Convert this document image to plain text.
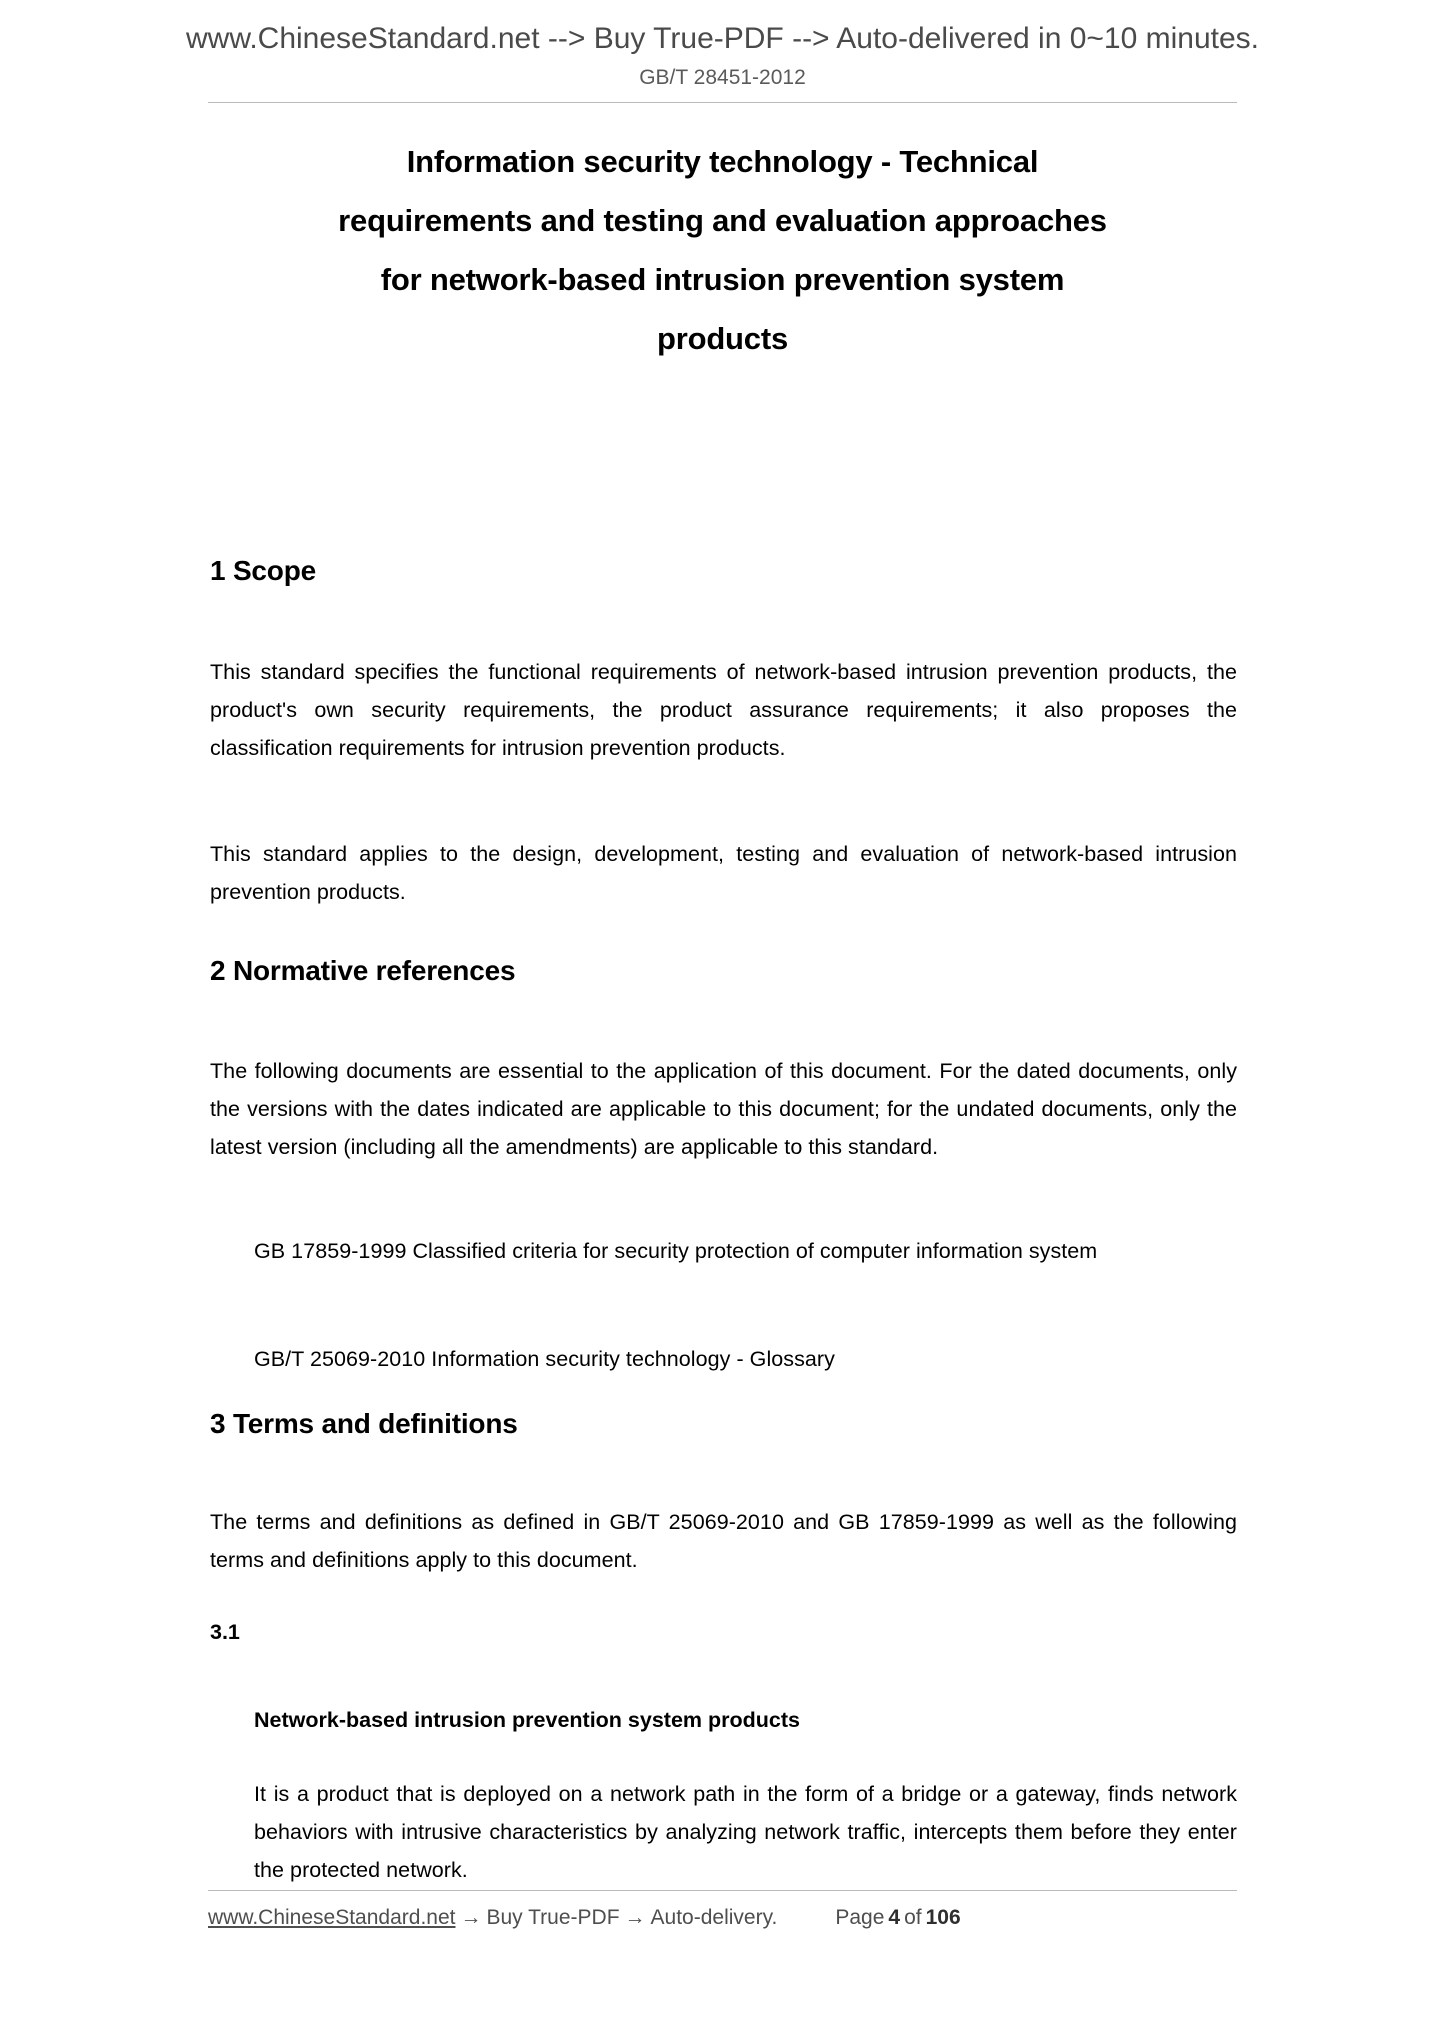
www.ChineseStandard.net --> Buy True-PDF --> Auto-delivered in 0~10 minutes.
GB/T 28451-2012
Information security technology - Technical
requirements and testing and evaluation approaches
for network-based intrusion prevention system
products
1 Scope

This standard specifies the functional requirements of network-based intrusion prevention products, the product's own security requirements, the product assurance requirements; it also proposes the classification requirements for intrusion prevention products.

This standard applies to the design, development, testing and evaluation of network-based intrusion prevention products.

2 Normative references

The following documents are essential to the application of this document. For the dated documents, only the versions with the dates indicated are applicable to this document; for the undated documents, only the latest version (including all the amendments) are applicable to this standard.

GB 17859-1999 Classified criteria for security protection of computer information system

GB/T 25069-2010 Information security technology - Glossary

3 Terms and definitions

The terms and definitions as defined in GB/T 25069-2010 and GB 17859-1999 as well as the following terms and definitions apply to this document.

3.1

Network-based intrusion prevention system products

It is a product that is deployed on a network path in the form of a bridge or a gateway, finds network behaviors with intrusive characteristics by analyzing network traffic, intercepts them before they enter the protected network.

www.ChineseStandard.net → Buy True-PDF → Auto-delivery.	Page 4 of 106
